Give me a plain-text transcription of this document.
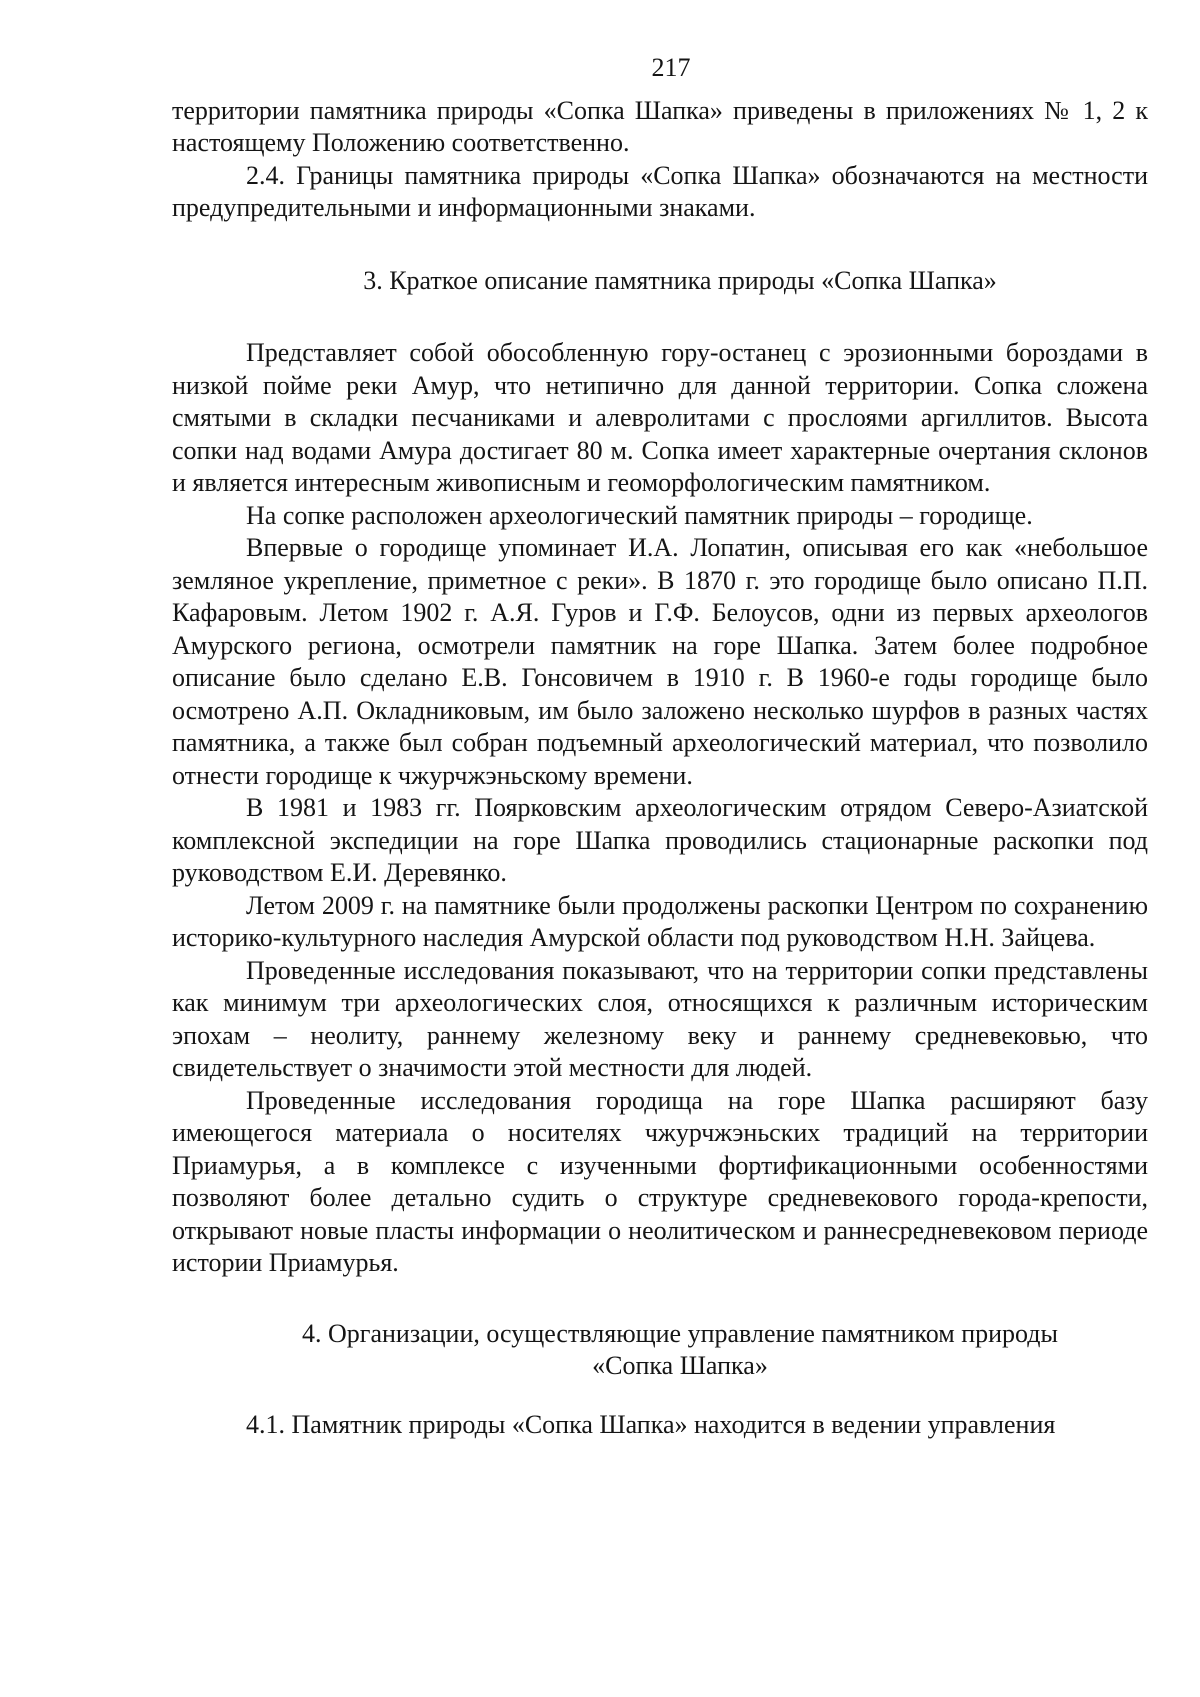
217

территории памятника природы «Сопка Шапка» приведены в приложениях № 1, 2 к настоящему Положению соответственно.

2.4. Границы памятника природы «Сопка Шапка» обозначаются на местности предупредительными и информационными знаками.

3. Краткое описание памятника природы «Сопка Шапка»

Представляет собой обособленную гору-останец с эрозионными бороздами в низкой пойме реки Амур, что нетипично для данной территории. Сопка сложена смятыми в складки песчаниками и алевролитами с прослоями аргиллитов. Высота сопки над водами Амура достигает 80 м. Сопка имеет характерные очертания склонов и является интересным живописным и геоморфологическим памятником.

На сопке расположен археологический памятник природы – городище.

Впервые о городище упоминает И.А. Лопатин, описывая его как «небольшое земляное укрепление, приметное с реки». В 1870 г. это городище было описано П.П. Кафаровым. Летом 1902 г. А.Я. Гуров и Г.Ф. Белоусов, одни из первых археологов Амурского региона, осмотрели памятник на горе Шапка. Затем более подробное описание было сделано Е.В. Гонсовичем в 1910 г. В 1960-е годы городище было осмотрено А.П. Окладниковым, им было заложено несколько шурфов в разных частях памятника, а также был собран подъемный археологический материал, что позволило отнести городище к чжурчжэньскому времени.

В 1981 и 1983 гг. Поярковским археологическим отрядом Северо-Азиатской комплексной экспедиции на горе Шапка проводились стационарные раскопки под руководством Е.И. Деревянко.

Летом 2009 г. на памятнике были продолжены раскопки Центром по сохранению историко-культурного наследия Амурской области под руководством Н.Н. Зайцева.

Проведенные исследования показывают, что на территории сопки представлены как минимум три археологических слоя, относящихся к различным историческим эпохам – неолиту, раннему железному веку и раннему средневековью, что свидетельствует о значимости этой местности для людей.

Проведенные исследования городища на горе Шапка расширяют базу имеющегося материала о носителях чжурчжэньских традиций на территории Приамурья, а в комплексе с изученными фортификационными особенностями позволяют более детально судить о структуре средневекового города-крепости, открывают новые пласты информации о неолитическом и раннесредневековом периоде истории Приамурья.

4. Организации, осуществляющие управление памятником природы
«Сопка Шапка»

4.1. Памятник природы «Сопка Шапка» находится в ведении управления
